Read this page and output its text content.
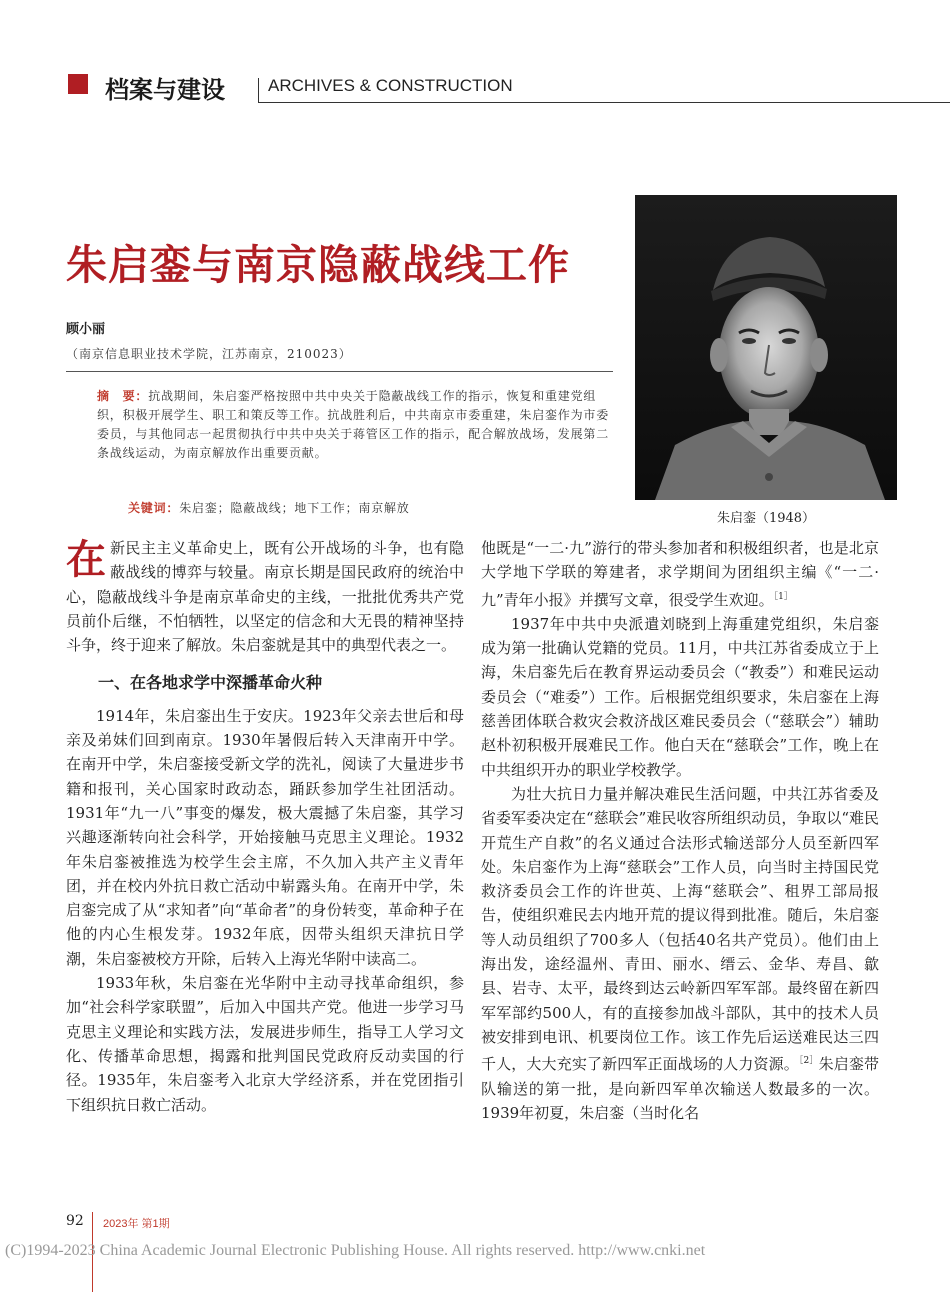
档案与建设	ARCHIVES & CONSTRUCTION
朱启銮（1948）
朱启銮与南京隐蔽战线工作
顾小丽
（南京信息职业技术学院，江苏南京，210023）
摘　要：抗战期间，朱启銮严格按照中共中央关于隐蔽战线工作的指示，恢复和重建党组织，积极开展学生、职工和策反等工作。抗战胜利后，中共南京市委重建，朱启銮作为市委委员，与其他同志一起贯彻执行中共中央关于蒋管区工作的指示，配合解放战场，发展第二条战线运动，为南京解放作出重要贡献。
关键词：朱启銮；隐蔽战线；地下工作；南京解放

在新民主主义革命史上，既有公开战场的斗争，也有隐蔽战线的博弈与较量。南京长期是国民政府的统治中心，隐蔽战线斗争是南京革命史的主线，一批批优秀共产党员前仆后继，不怕牺牲，以坚定的信念和大无畏的精神坚持斗争，终于迎来了解放。朱启銮就是其中的典型代表之一。

一、在各地求学中深播革命火种

1914年，朱启銮出生于安庆。1923年父亲去世后和母亲及弟妹们回到南京。1930年暑假后转入天津南开中学。在南开中学，朱启銮接受新文学的洗礼，阅读了大量进步书籍和报刊，关心国家时政动态，踊跃参加学生社团活动。1931年“九一八”事变的爆发，极大震撼了朱启銮，其学习兴趣逐渐转向社会科学，开始接触马克思主义理论。1932年朱启銮被推选为校学生会主席，不久加入共产主义青年团，并在校内外抗日救亡活动中崭露头角。在南开中学，朱启銮完成了从“求知者”向“革命者”的身份转变，革命种子在他的内心生根发芽。1932年底，因带头组织天津抗日学潮，朱启銮被校方开除，后转入上海光华附中读高二。

1933年秋，朱启銮在光华附中主动寻找革命组织，参加“社会科学家联盟”，后加入中国共产党。他进一步学习马克思主义理论和实践方法，发展进步师生，指导工人学习文化、传播革命思想，揭露和批判国民党政府反动卖国的行径。1935年，朱启銮考入北京大学经济系，并在党团指引下组织抗日救亡活动。

他既是“一二·九”游行的带头参加者和积极组织者，也是北京大学地下学联的筹建者，求学期间为团组织主编《“一二·九”青年小报》并撰写文章，很受学生欢迎。$^{[1]}$

1937年中共中央派遣刘晓到上海重建党组织，朱启銮成为第一批确认党籍的党员。11月，中共江苏省委成立于上海，朱启銮先后在教育界运动委员会（“教委”）和难民运动委员会（“难委”）工作。后根据党组织要求，朱启銮在上海慈善团体联合救灾会救济战区难民委员会（“慈联会”）辅助赵朴初积极开展难民工作。他白天在“慈联会”工作，晚上在中共组织开办的职业学校教学。

为壮大抗日力量并解决难民生活问题，中共江苏省委及省委军委决定在“慈联会”难民收容所组织动员，争取以“难民开荒生产自救”的名义通过合法形式输送部分人员至新四军处。朱启銮作为上海“慈联会”工作人员，向当时主持国民党救济委员会工作的许世英、上海“慈联会”、租界工部局报告，使组织难民去内地开荒的提议得到批准。随后，朱启銮等人动员组织了700多人（包括40名共产党员）。他们由上海出发，途经温州、青田、丽水、缙云、金华、寿昌、歙县、岩寺、太平，最终到达云岭新四军军部。最终留在新四军军部约500人，有的直接参加战斗部队，其中的技术人员被安排到电讯、机要岗位工作。该工作先后运送难民达三四千人，大大充实了新四军正面战场的人力资源。$^{[2]}$朱启銮带队输送的第一批，是向新四军单次输送人数最多的一次。1939年初夏，朱启銮（当时化名

92 2023年 第1期
(C)1994-2023 China Academic Journal Electronic Publishing House. All rights reserved. http://www.cnki.net
